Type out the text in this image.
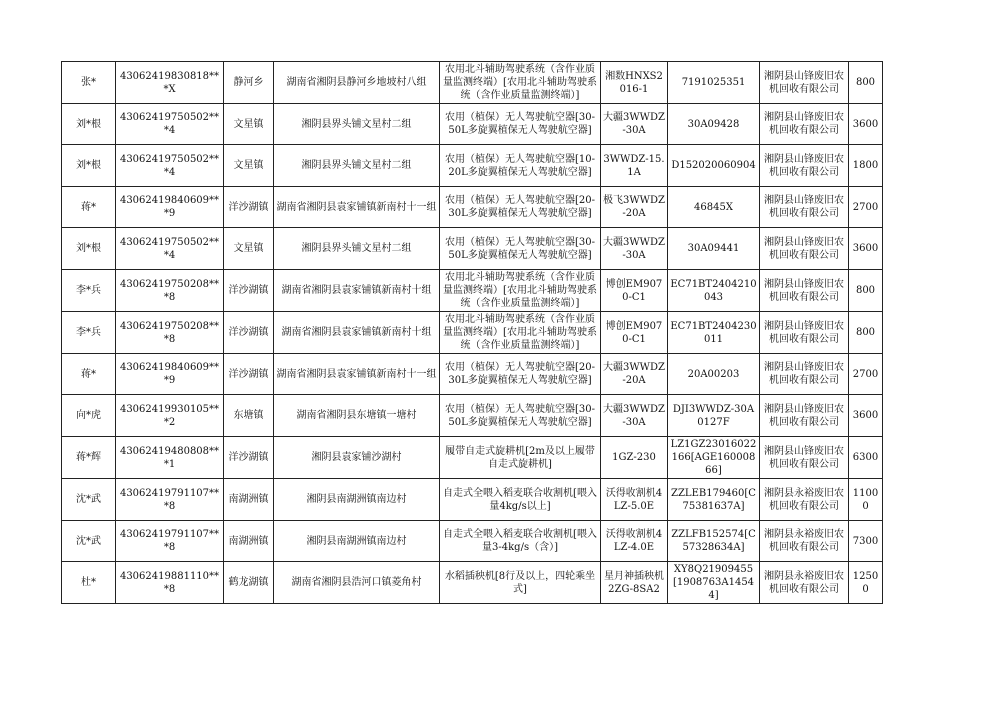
张*	43062419830818***X	静河乡	湖南省湘阴县静河乡地坡村八组	农用北斗辅助驾驶系统（含作业质量监测终端）[农用北斗辅助驾驶系统（含作业质量监测终端）]	湘数HNXS2016-1	7191025351	湘阴县山锋废旧农机回收有限公司	800
刘*根	43062419750502***4	文星镇	湘阴县界头铺文星村二组	农用（植保）无人驾驶航空器[30-50L多旋翼植保无人驾驶航空器]	大疆3WWDZ-30A	30A09428	湘阴县山锋废旧农机回收有限公司	3600
刘*根	43062419750502***4	文星镇	湘阴县界头铺文星村二组	农用（植保）无人驾驶航空器[10-20L多旋翼植保无人驾驶航空器]	3WWDZ-15.1A	D152020060904	湘阴县山锋废旧农机回收有限公司	1800
蒋*	43062419840609***9	洋沙湖镇	湖南省湘阴县袁家铺镇新南村十一组	农用（植保）无人驾驶航空器[20-30L多旋翼植保无人驾驶航空器]	极飞3WWDZ-20A	46845X	湘阴县山锋废旧农机回收有限公司	2700
刘*根	43062419750502***4	文星镇	湘阴县界头铺文星村二组	农用（植保）无人驾驶航空器[30-50L多旋翼植保无人驾驶航空器]	大疆3WWDZ-30A	30A09441	湘阴县山锋废旧农机回收有限公司	3600
李*兵	43062419750208***8	洋沙湖镇	湖南省湘阴县袁家铺镇新南村十组	农用北斗辅助驾驶系统（含作业质量监测终端）[农用北斗辅助驾驶系统（含作业质量监测终端）]	博创EM9070-C1	EC71BT2404210043	湘阴县山锋废旧农机回收有限公司	800
李*兵	43062419750208***8	洋沙湖镇	湖南省湘阴县袁家铺镇新南村十组	农用北斗辅助驾驶系统（含作业质量监测终端）[农用北斗辅助驾驶系统（含作业质量监测终端）]	博创EM9070-C1	EC71BT2404230011	湘阴县山锋废旧农机回收有限公司	800
蒋*	43062419840609***9	洋沙湖镇	湖南省湘阴县袁家铺镇新南村十一组	农用（植保）无人驾驶航空器[20-30L多旋翼植保无人驾驶航空器]	大疆3WWDZ-20A	20A00203	湘阴县山锋废旧农机回收有限公司	2700
向*虎	43062419930105***2	东塘镇	湖南省湘阴县东塘镇一塘村	农用（植保）无人驾驶航空器[30-50L多旋翼植保无人驾驶航空器]	大疆3WWDZ-30A	DJI3WWDZ-30A0127F	湘阴县山锋废旧农机回收有限公司	3600
蒋*辉	43062419480808***1	洋沙湖镇	湘阴县袁家铺沙湖村	履带自走式旋耕机[2m及以上履带自走式旋耕机]	1GZ-230	LZ1GZ23016022166[AGE16000866]	湘阴县山锋废旧农机回收有限公司	6300
沈*武	43062419791107***8	南湖洲镇	湘阴县南湖洲镇南边村	自走式全喂入稻麦联合收割机[喂入量4kg/s以上]	沃得收割机4LZ-5.0E	ZZLEB179460[C75381637A]	湘阴县永裕废旧农机回收有限公司	11000
沈*武	43062419791107***8	南湖洲镇	湘阴县南湖洲镇南边村	自走式全喂入稻麦联合收割机[喂入量3-4kg/s（含）]	沃得收割机4LZ-4.0E	ZZLFB152574[C57328634A]	湘阴县永裕废旧农机回收有限公司	7300
杜*	43062419881110***8	鹤龙湖镇	湖南省湘阴县浩河口镇菱角村	水稻插秧机[8行及以上，四轮乘坐式]	星月神插秧机2ZG-8SA2	XY8Q21909455[1908763A14544]	湘阴县永裕废旧农机回收有限公司	12500
